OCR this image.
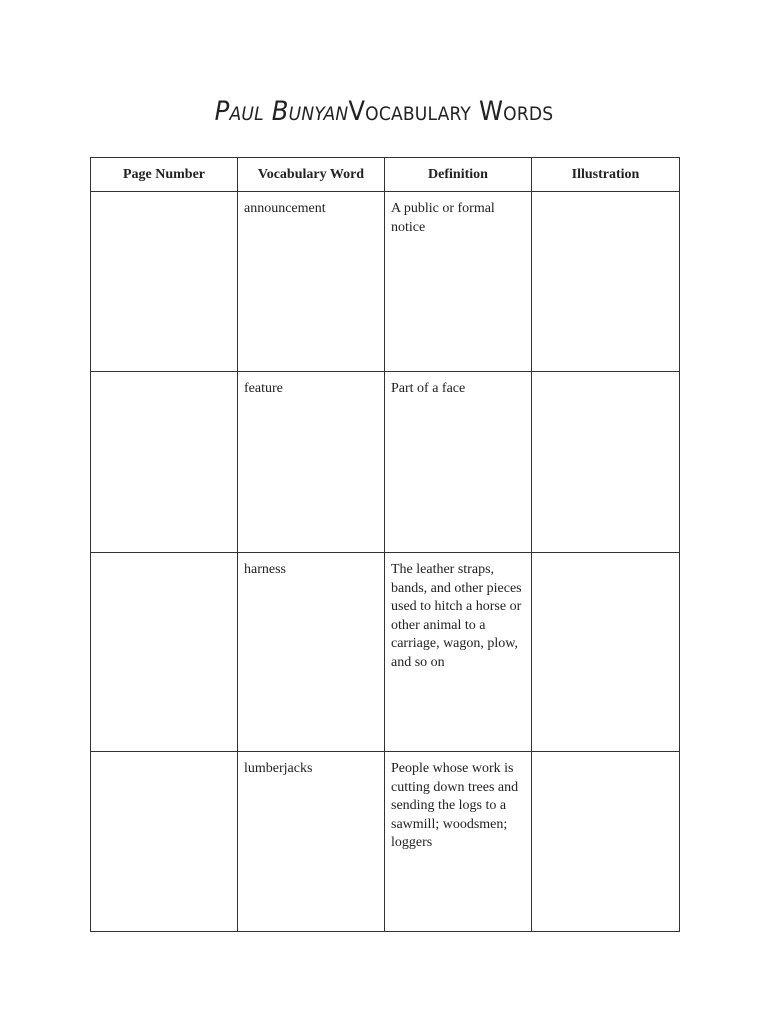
Paul BunyanVocabulary Words
Page Number	Vocabulary Word	Definition	Illustration
	announcement	A public or formal notice	
	feature	Part of a face	
	harness	The leather straps, bands, and other pieces used to hitch a horse or other animal to a carriage, wagon, plow, and so on	
	lumberjacks	People whose work is cutting down trees and sending the logs to a sawmill; woodsmen; loggers	
